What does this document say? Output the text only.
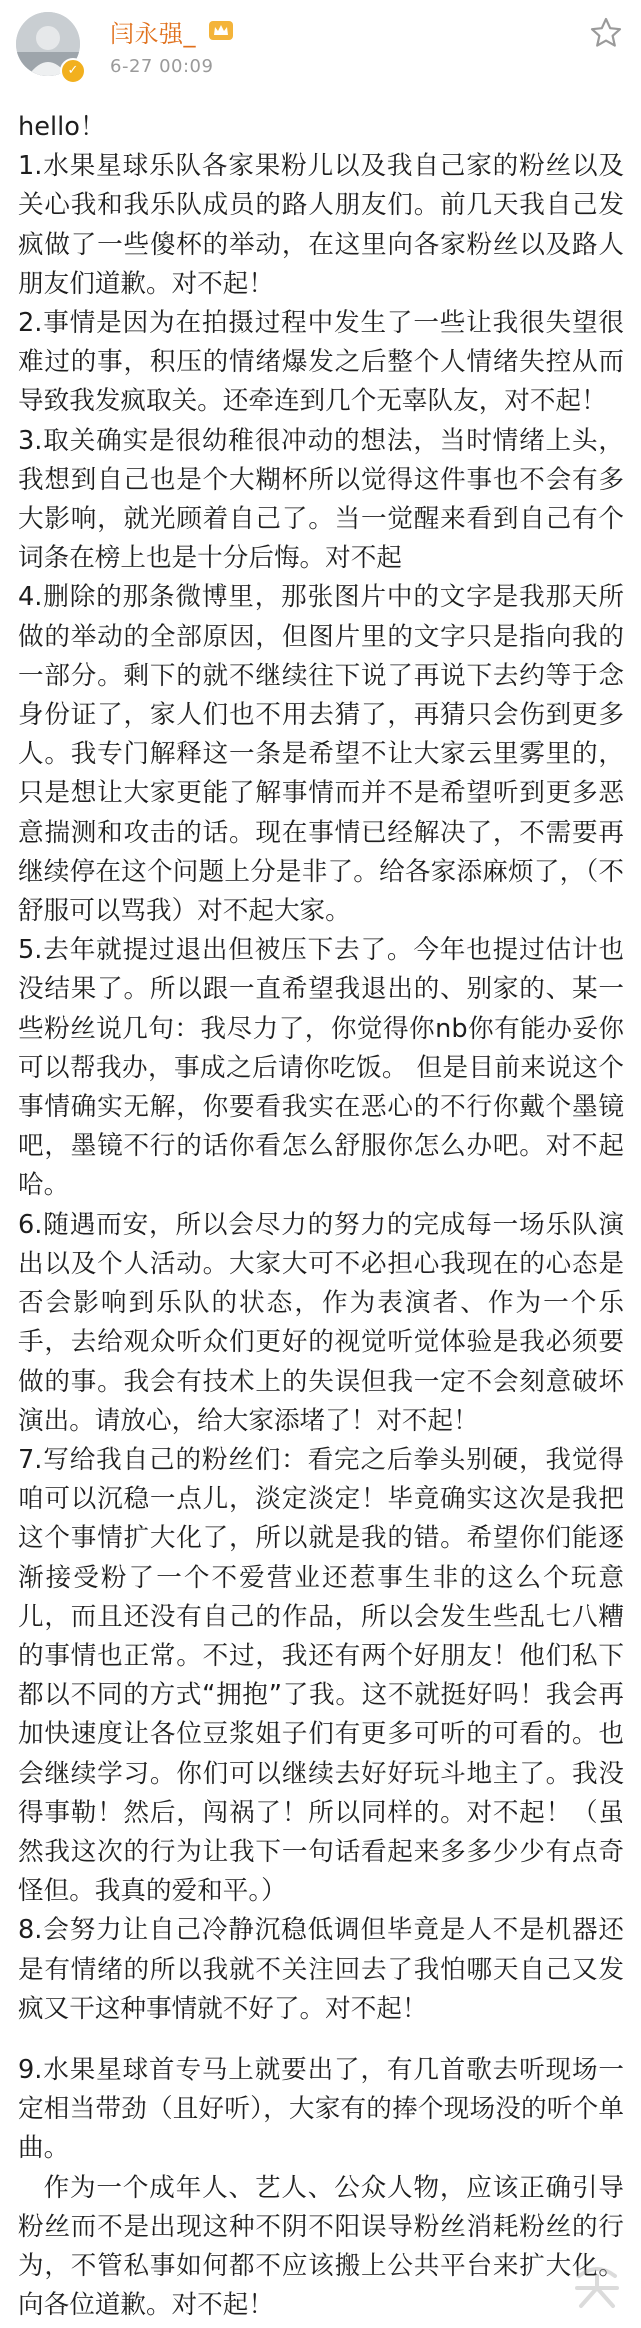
✓
闫永强_
6-27 00:09

hello！

1.水果星球乐队各家果粉儿以及我自己家的粉丝以及关心我和我乐队成员的路人朋友们。前几天我自己发疯做了一些傻杯的举动，在这里向各家粉丝以及路人朋友们道歉。对不起！

2.事情是因为在拍摄过程中发生了一些让我很失望很难过的事，积压的情绪爆发之后整个人情绪失控从而导致我发疯取关。还牵连到几个无辜队友，对不起！

3.取关确实是很幼稚很冲动的想法，当时情绪上头，我想到自己也是个大糊杯所以觉得这件事也不会有多大影响，就光顾着自己了。当一觉醒来看到自己有个词条在榜上也是十分后悔。对不起

4.删除的那条微博里，那张图片中的文字是我那天所做的举动的全部原因，但图片里的文字只是指向我的一部分。剩下的就不继续往下说了再说下去约等于念身份证了，家人们也不用去猜了，再猜只会伤到更多人。我专门解释这一条是希望不让大家云里雾里的，只是想让大家更能了解事情而并不是希望听到更多恶意揣测和攻击的话。现在事情已经解决了，不需要再继续停在这个问题上分是非了。给各家添麻烦了，（不舒服可以骂我）对不起大家。

5.去年就提过退出但被压下去了。今年也提过估计也没结果了。所以跟一直希望我退出的、别家的、某一些粉丝说几句：我尽力了，你觉得你nb你有能办妥你可以帮我办，事成之后请你吃饭。 但是目前来说这个事情确实无解，你要看我实在恶心的不行你戴个墨镜吧，墨镜不行的话你看怎么舒服你怎么办吧。对不起哈。

6.随遇而安，所以会尽力的努力的完成每一场乐队演出以及个人活动。大家大可不必担心我现在的心态是否会影响到乐队的状态，作为表演者、作为一个乐手，去给观众听众们更好的视觉听觉体验是我必须要做的事。我会有技术上的失误但我一定不会刻意破坏演出。请放心，给大家添堵了！对不起！

7.写给我自己的粉丝们：看完之后拳头别硬，我觉得咱可以沉稳一点儿，淡定淡定！毕竟确实这次是我把这个事情扩大化了，所以就是我的错。希望你们能逐渐接受粉了一个不爱营业还惹事生非的这么个玩意儿，而且还没有自己的作品，所以会发生些乱七八糟的事情也正常。不过，我还有两个好朋友！他们私下都以不同的方式“拥抱”了我。这不就挺好吗！我会再加快速度让各位豆浆姐子们有更多可听的可看的。也会继续学习。你们可以继续去好好玩斗地主了。我没得事勒！然后，闯祸了！所以同样的。对不起！（虽然我这次的行为让我下一句话看起来多多少少有点奇怪但。我真的爱和平。）

8.会努力让自己冷静沉稳低调但毕竟是人不是机器还是有情绪的所以我就不关注回去了我怕哪天自己又发疯又干这种事情就不好了。对不起！

9.水果星球首专马上就要出了，有几首歌去听现场一定相当带劲（且好听），大家有的捧个现场没的听个单曲。

作为一个成年人、艺人、公众人物，应该正确引导粉丝而不是出现这种不阴不阳误导粉丝消耗粉丝的行为，不管私事如何都不应该搬上公共平台来扩大化。向各位道歉。对不起！
